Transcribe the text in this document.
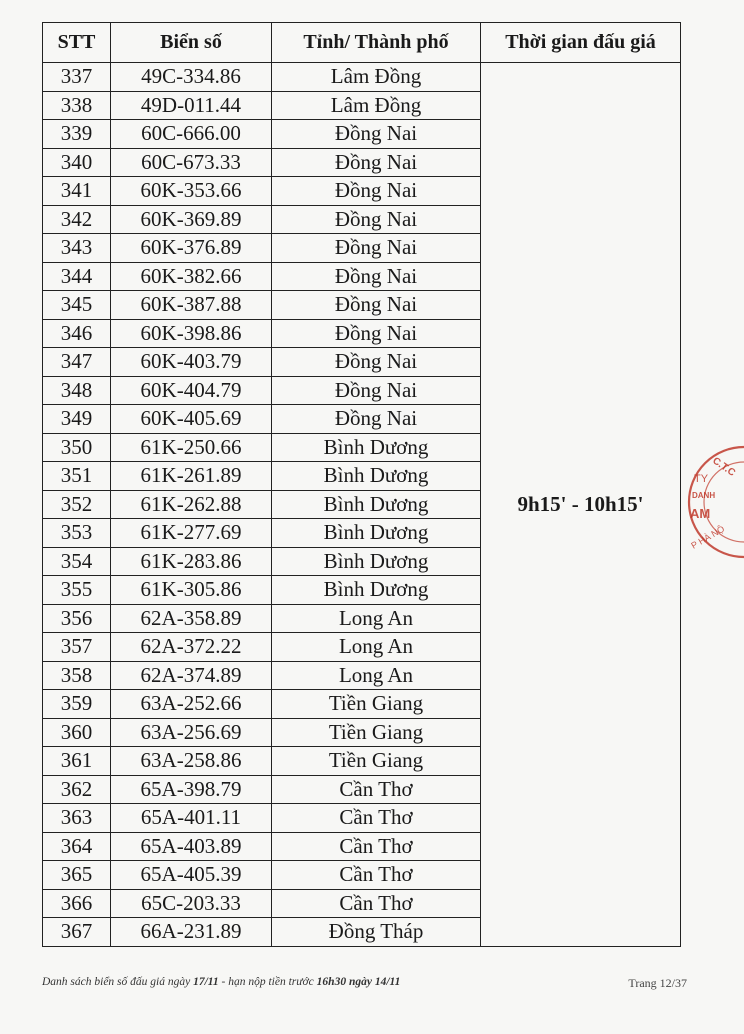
STT	Biển số	Tỉnh/ Thành phố	Thời gian đấu giá
337	49C-334.86	Lâm Đồng	9h15' - 10h15'
338	49D-011.44	Lâm Đồng	
339	60C-666.00	Đồng Nai	
340	60C-673.33	Đồng Nai	
341	60K-353.66	Đồng Nai	
342	60K-369.89	Đồng Nai	
343	60K-376.89	Đồng Nai	
344	60K-382.66	Đồng Nai	
345	60K-387.88	Đồng Nai	
346	60K-398.86	Đồng Nai	
347	60K-403.79	Đồng Nai	
348	60K-404.79	Đồng Nai	
349	60K-405.69	Đồng Nai	
350	61K-250.66	Bình Dương	
351	61K-261.89	Bình Dương	
352	61K-262.88	Bình Dương	
353	61K-277.69	Bình Dương	
354	61K-283.86	Bình Dương	
355	61K-305.86	Bình Dương	
356	62A-358.89	Long An	
357	62A-372.22	Long An	
358	62A-374.89	Long An	
359	63A-252.66	Tiền Giang	
360	63A-256.69	Tiền Giang	
361	63A-258.86	Tiền Giang	
362	65A-398.79	Cần Thơ	
363	65A-401.11	Cần Thơ	
364	65A-403.89	Cần Thơ	
365	65A-405.39	Cần Thơ	
366	65C-203.33	Cần Thơ	
367	66A-231.89	Đồng Tháp	
Danh sách biển số đấu giá ngày 17/11 - hạn nộp tiền trước 16h30 ngày 14/11	Trang 12/37
C.T.C
TY
DANH
AM
P HÀ NỘ
